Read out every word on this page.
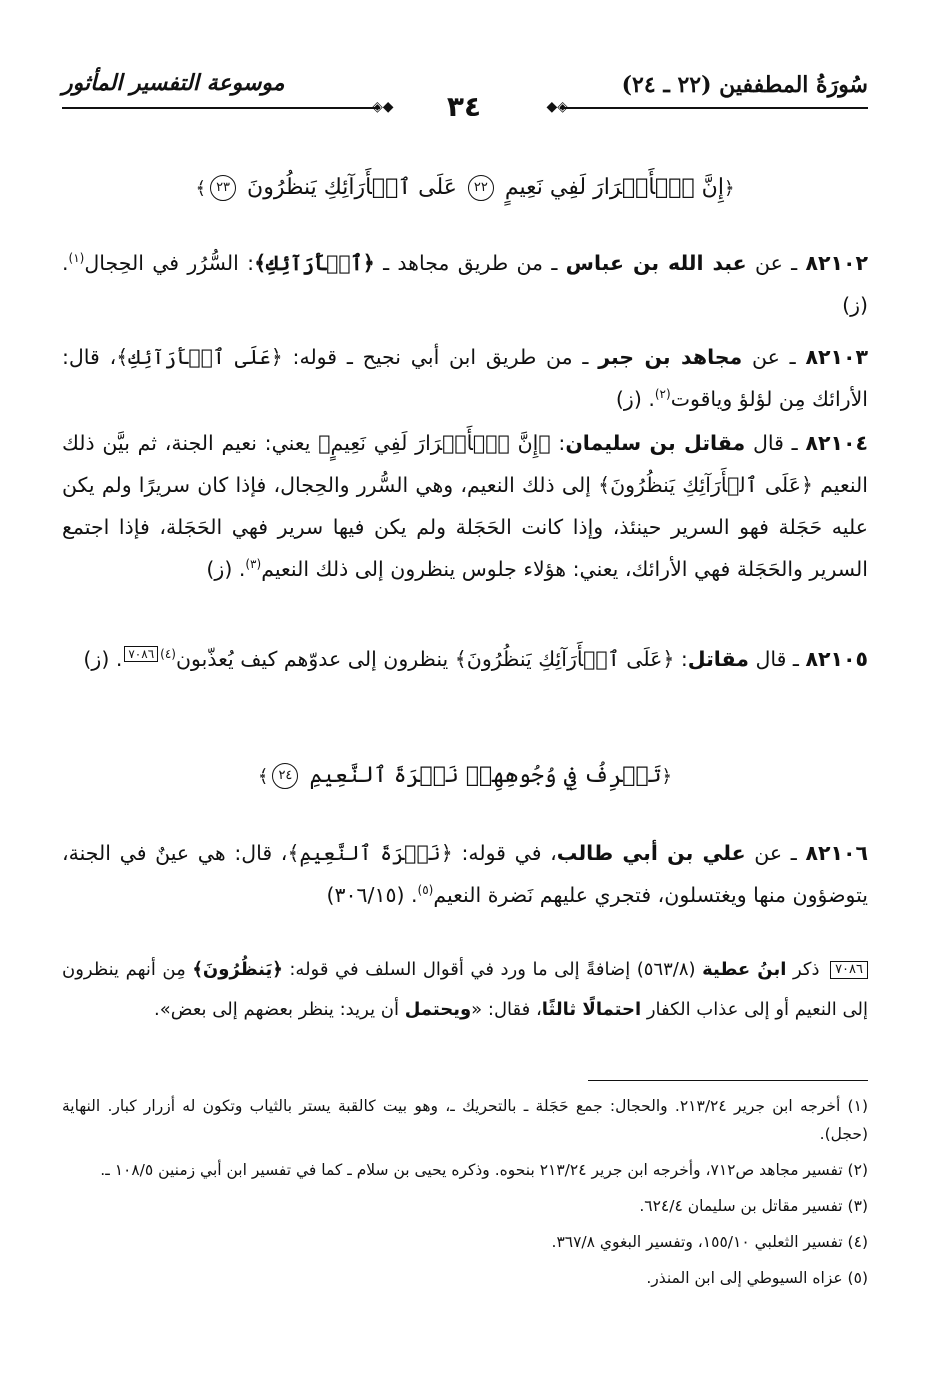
سُورَةُ المطففين (٢٢ ـ ٢٤)
موسوعة التفسير المأثور
◈◆
◆◈	٣٤
﴿إِنَّ ٱلۡأَبۡرَارَ لَفِي نَعِيمٍ ٢٢ عَلَى ٱلۡأَرَآئِكِ يَنظُرُونَ ٢٣﴾
٨٢١٠٢ ـ عن عبد الله بن عباس ـ من طريق مجاهد ـ ﴿ٱلۡأَرَآئِكِ﴾: السُّرُر في الحِجال$^{(١)}$. (ز)
٨٢١٠٣ ـ عن مجاهد بن جبر ـ من طريق ابن أبي نجيح ـ قوله: ﴿عَلَى ٱلۡأَرَآئِكِ﴾، قال: الأرائك مِن لؤلؤ وياقوت$^{(٢)}$. (ز)
٨٢١٠٤ ـ قال مقاتل بن سليمان: ﴿إِنَّ ٱلۡأَبۡرَارَ لَفِي نَعِيمٍ﴾ يعني: نعيم الجنة، ثم بيَّن ذلك النعيم ﴿عَلَى ٱلۡأَرَآئِكِ يَنظُرُونَ﴾ إلى ذلك النعيم، وهي السُّرر والحِجال، فإذا كان سريرًا ولم يكن عليه حَجَلة فهو السرير حينئذ، وإذا كانت الحَجَلة ولم يكن فيها سرير فهي الحَجَلة، فإذا اجتمع السرير والحَجَلة فهي الأرائك، يعني: هؤلاء جلوس ينظرون إلى ذلك النعيم$^{(٣)}$. (ز)
٨٢١٠٥ ـ قال مقاتل: ﴿عَلَى ٱلۡأَرَآئِكِ يَنظُرُونَ﴾ ينظرون إلى عدوّهم كيف يُعذّبون$^{(٤)}$٧٠٨٦. (ز)
﴿تَعۡرِفُ فِي وُجُوهِهِمۡ نَضۡرَةَ ٱلنَّعِيمِ ٢٤﴾
٨٢١٠٦ ـ عن علي بن أبي طالب، في قوله: ﴿نَضۡرَةَ ٱلنَّعِيمِ﴾، قال: هي عينٌ في الجنة، يتوضؤون منها ويغتسلون، فتجري عليهم نَضرة النعيم$^{(٥)}$. (٣٠٦/١٥)
٧٠٨٦ ذكر ابنُ عطية (٥٦٣/٨) إضافةً إلى ما ورد في أقوال السلف في قوله: ﴿يَنظُرُونَ﴾ مِن أنهم ينظرون إلى النعيم أو إلى عذاب الكفار احتمالًا ثالثًا، فقال: «ويحتمل أن يريد: ينظر بعضهم إلى بعض».
(١) أخرجه ابن جرير ٢١٣/٢٤. والحجال: جمع حَجَلة ـ بالتحريك ـ، وهو بيت كالقبة يستر بالثياب وتكون له أزرار كبار. النهاية (حجل).
(٢) تفسير مجاهد ص٧١٢، وأخرجه ابن جرير ٢١٣/٢٤ بنحوه. وذكره يحيى بن سلام ـ كما في تفسير ابن أبي زمنين ١٠٨/٥ ـ.
(٣) تفسير مقاتل بن سليمان ٦٢٤/٤.
(٤) تفسير الثعلبي ١٥٥/١٠، وتفسير البغوي ٣٦٧/٨.
(٥) عزاه السيوطي إلى ابن المنذر.
